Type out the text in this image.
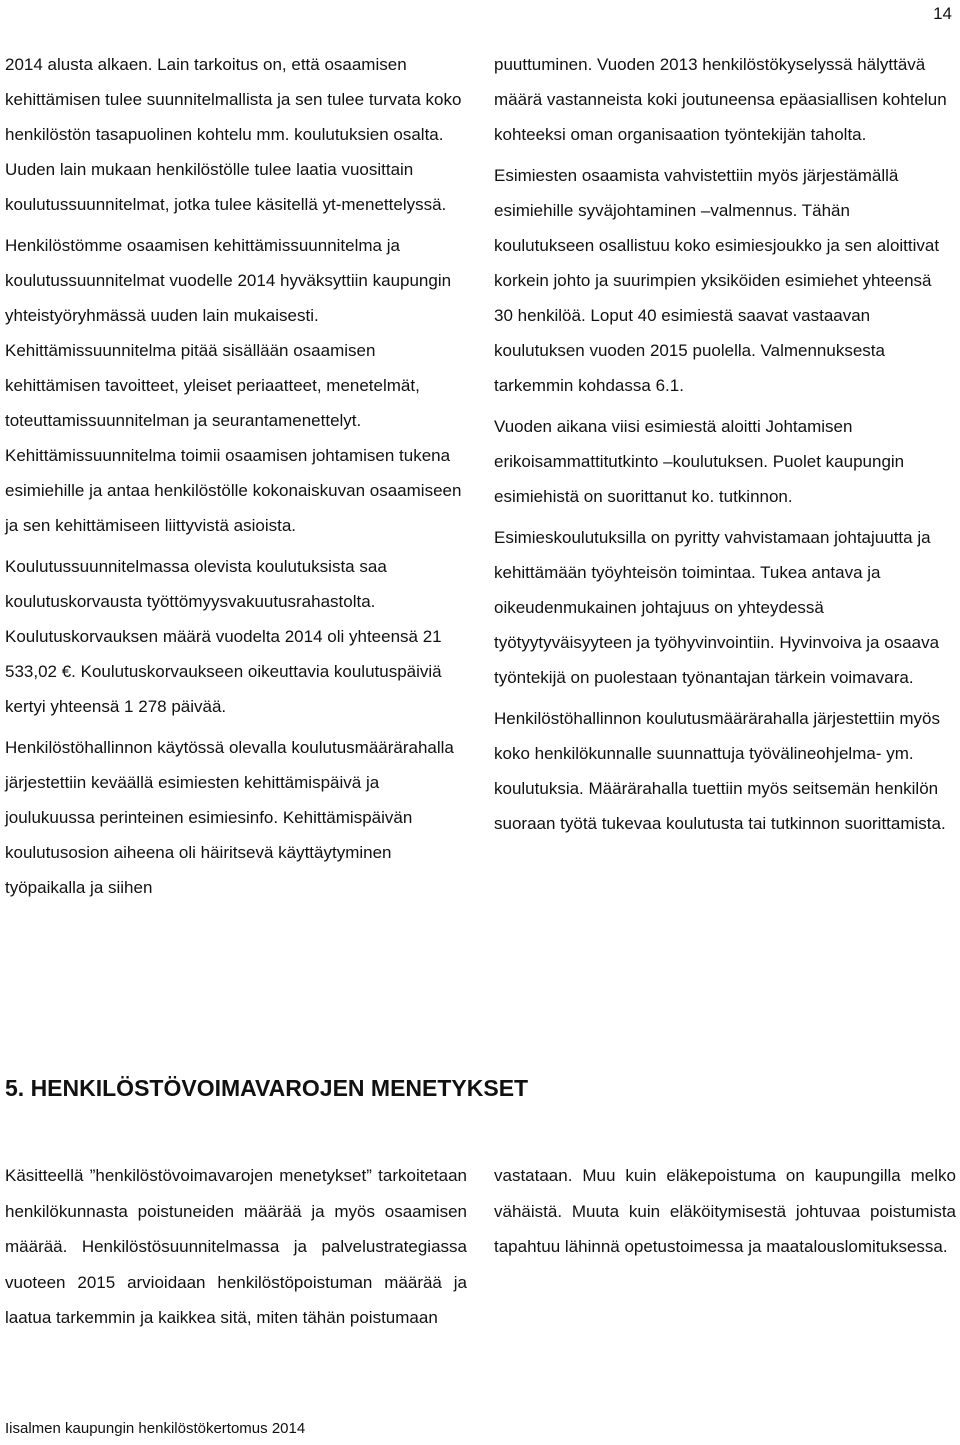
14

2014 alusta alkaen. Lain tarkoitus on, että osaamisen kehittämisen tulee suunnitelmallista ja sen tulee turvata koko henkilöstön tasapuolinen kohtelu mm. koulutuksien osalta. Uuden lain mukaan henkilöstölle tulee laatia vuosittain koulutussuunnitelmat, jotka tulee käsitellä yt-menettelyssä.

Henkilöstömme osaamisen kehittämissuunnitelma ja koulutussuunnitelmat vuodelle 2014 hyväksyttiin kaupungin yhteistyöryhmässä uuden lain mukaisesti. Kehittämissuunnitelma pitää sisällään osaamisen kehittämisen tavoitteet, yleiset periaatteet, menetelmät, toteuttamissuunnitelman ja seurantamenettelyt. Kehittämissuunnitelma toimii osaamisen johtamisen tukena esimiehille ja antaa henkilöstölle kokonaiskuvan osaamiseen ja sen kehittämiseen liittyvistä asioista.

Koulutussuunnitelmassa olevista koulutuksista saa koulutuskorvausta työttömyysvakuutusrahastolta. Koulutuskorvauksen määrä vuodelta 2014 oli yhteensä 21 533,02 €. Koulutuskorvaukseen oikeuttavia koulutuspäiviä kertyi yhteensä 1 278 päivää.

Henkilöstöhallinnon käytössä olevalla koulutusmäärärahalla järjestettiin keväällä esimiesten kehittämispäivä ja joulukuussa perinteinen esimiesinfo. Kehittämispäivän koulutusosion aiheena oli häiritsevä käyttäytyminen työpaikalla ja siihen

puuttuminen. Vuoden 2013 henkilöstökyselyssä hälyttävä määrä vastanneista koki joutuneensa epäasiallisen kohtelun kohteeksi oman organisaation työntekijän taholta.

Esimiesten osaamista vahvistettiin myös järjestämällä esimiehille syväjohtaminen –valmennus. Tähän koulutukseen osallistuu koko esimiesjoukko ja sen aloittivat korkein johto ja suurimpien yksiköiden esimiehet yhteensä 30 henkilöä. Loput 40 esimiestä saavat vastaavan koulutuksen vuoden 2015 puolella. Valmennuksesta tarkemmin kohdassa 6.1.

Vuoden aikana viisi esimiestä aloitti Johtamisen erikoisammattitutkinto –koulutuksen. Puolet kaupungin esimiehistä on suorittanut ko. tutkinnon.

Esimieskoulutuksilla on pyritty vahvistamaan johtajuutta ja kehittämään työyhteisön toimintaa. Tukea antava ja oikeudenmukainen johtajuus on yhteydessä työtyytyväisyyteen ja työhyvinvointiin. Hyvinvoiva ja osaava työntekijä on puolestaan työnantajan tärkein voimavara.

Henkilöstöhallinnon koulutusmäärärahalla järjestettiin myös koko henkilökunnalle suunnattuja työvälineohjelma- ym. koulutuksia. Määrärahalla tuettiin myös seitsemän henkilön suoraan työtä tukevaa koulutusta tai tutkinnon suorittamista.

5. HENKILÖSTÖVOIMAVAROJEN MENETYKSET

Käsitteellä ”henkilöstövoimavarojen menetykset” tarkoitetaan henkilökunnasta poistuneiden määrää ja myös osaamisen määrää. Henkilöstösuunnitelmassa ja palvelustrategiassa vuoteen 2015 arvioidaan henkilöstöpoistuman määrää ja laatua tarkemmin ja kaikkea sitä, miten tähän poistumaan

vastataan. Muu kuin eläkepoistuma on kaupungilla melko vähäistä. Muuta kuin eläköitymisestä johtuvaa poistumista tapahtuu lähinnä opetustoimessa ja maatalouslomituksessa.

Iisalmen kaupungin henkilöstökertomus 2014
